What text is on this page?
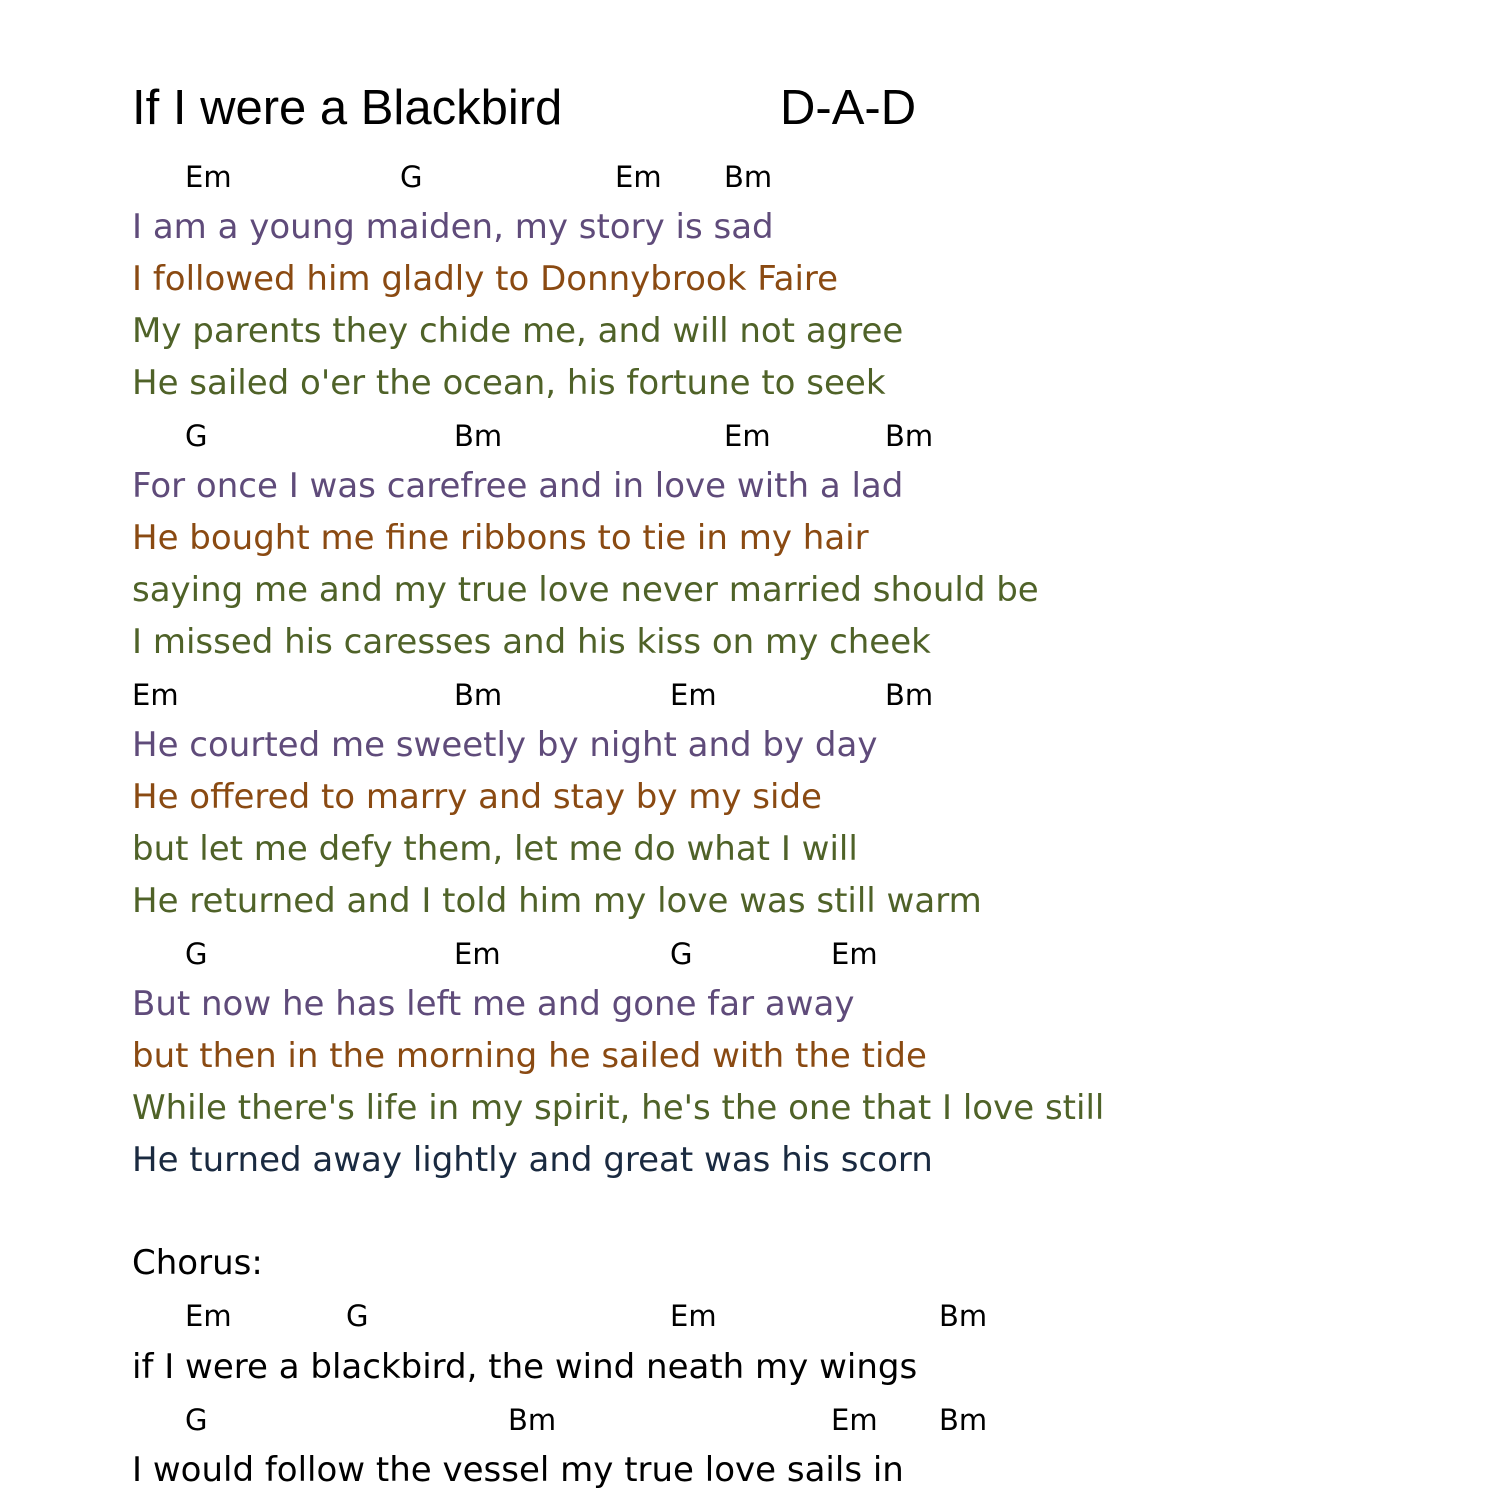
If I were a Blackbird	D-A-D
Em	G	Em Bm
I am a young maiden, my story is sad
I followed him gladly to Donnybrook Faire
My parents they chide me, and will not agree
He sailed o'er the ocean, his fortune to seek
G	Bm	Em	Bm
For once I was carefree and in love with a lad
He bought me fine ribbons to tie in my hair
saying me and my true love never married should be
I missed his caresses and his kiss on my cheek
Em	Bm	Em	Bm
He courted me sweetly by night and by day
He offered to marry and stay by my side
but let me defy them, let me do what I will
He returned and I told him my love was still warm
G	Em	G	Em
But now he has left me and gone far away
but then in the morning he sailed with the tide
While there's life in my spirit, he's the one that I love still
He turned away lightly and great was his scorn
Chorus:
Em	G	Em	Bm
if I were a blackbird, the wind neath my wings
G	Bm	Em Bm
I would follow the vessel my true love sails in
